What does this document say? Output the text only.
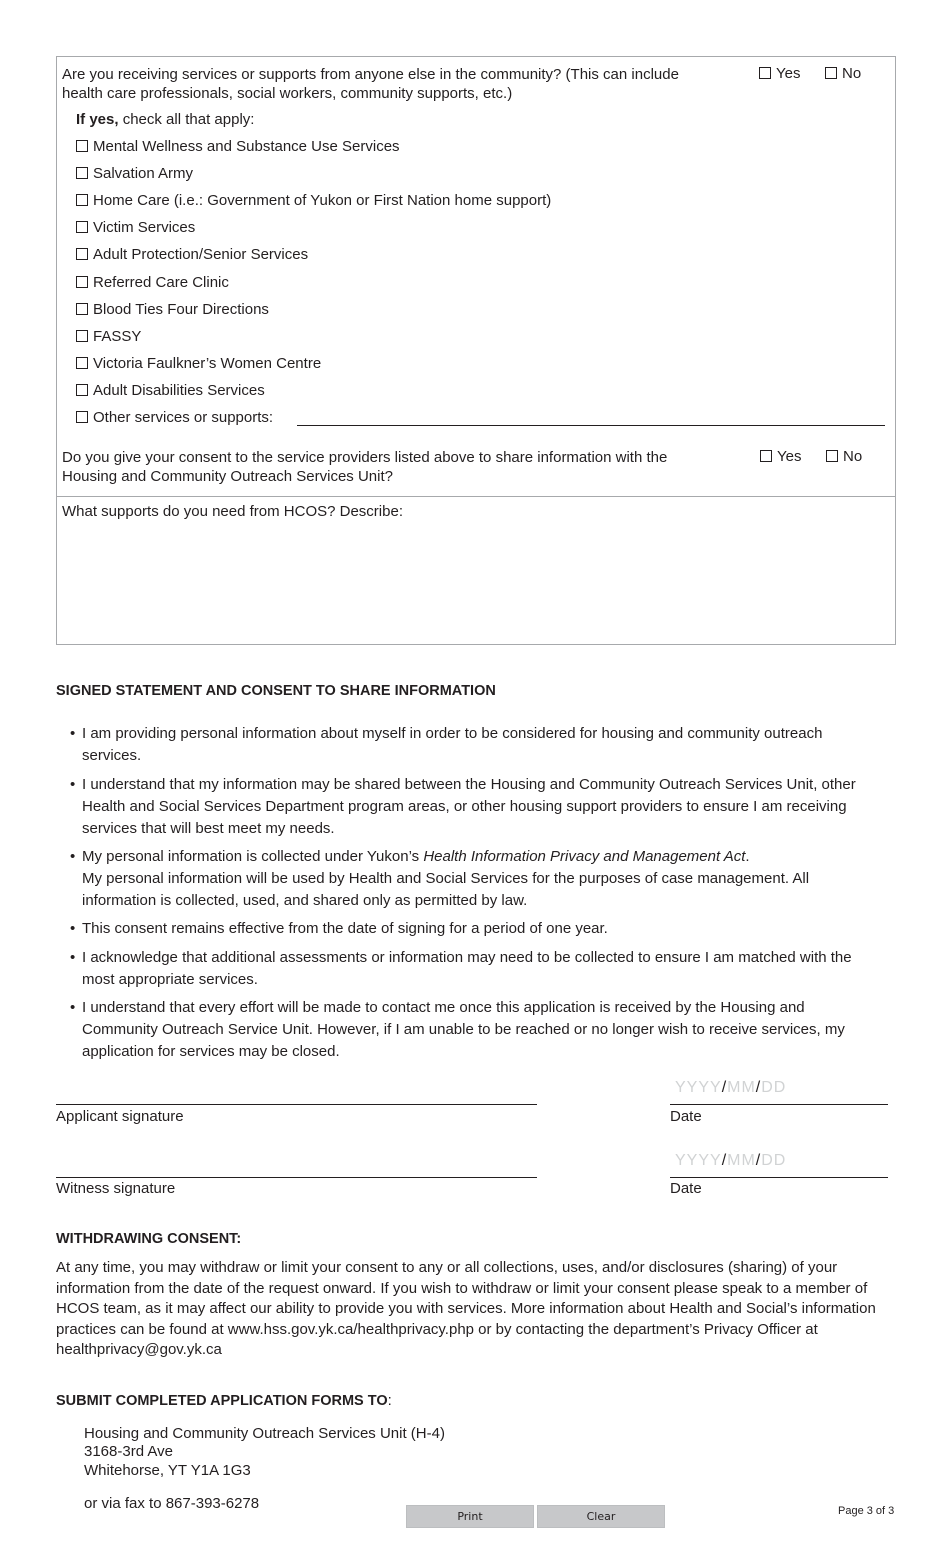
Are you receiving services or supports from anyone else in the community? (This can include health care professionals, social workers, community supports, etc.)
Yes	No
If yes, check all that apply:
Mental Wellness and Substance Use Services
Salvation Army
Home Care (i.e.: Government of Yukon or First Nation home support)
Victim Services
Adult Protection/Senior Services
Referred Care Clinic
Blood Ties Four Directions
FASSY
Victoria Faulkner’s Women Centre
Adult Disabilities Services
Other services or supports:
Do you give your consent to the service providers listed above to share information with the Housing and Community Outreach Services Unit?
Yes	No
What supports do you need from HCOS? Describe:
SIGNED STATEMENT AND CONSENT TO SHARE INFORMATION
• I am providing personal information about myself in order to be considered for housing and community outreach services.
• I understand that my information may be shared between the Housing and Community Outreach Services Unit, other Health and Social Services Department program areas, or other housing support providers to ensure I am receiving services that will best meet my needs.
• My personal information is collected under Yukon’s Health Information Privacy and Management Act.
My personal information will be used by Health and Social Services for the purposes of case management. All information is collected, used, and shared only as permitted by law.
• This consent remains effective from the date of signing for a period of one year.
• I acknowledge that additional assessments or information may need to be collected to ensure I am matched with the most appropriate services.
• I understand that every effort will be made to contact me once this application is received by the Housing and Community Outreach Service Unit. However, if I am unable to be reached or no longer wish to receive services, my application for services may be closed.
Applicant signature
YYYY/MM/DD
Date
Witness signature
YYYY/MM/DD
Date
WITHDRAWING CONSENT:
At any time, you may withdraw or limit your consent to any or all collections, uses, and/or disclosures (sharing) of your information from the date of the request onward. If you wish to withdraw or limit your consent please speak to a member of HCOS team, as it may affect our ability to provide you with services. More information about Health and Social’s information practices can be found at www.hss.gov.yk.ca/healthprivacy.php or by contacting the department’s Privacy Officer at healthprivacy@gov.yk.ca
SUBMIT COMPLETED APPLICATION FORMS TO:
Housing and Community Outreach Services Unit (H-4)
3168-3rd Ave
Whitehorse, YT Y1A 1G3
or via fax to 867-393-6278
Print	Clear	Page 3 of 3
